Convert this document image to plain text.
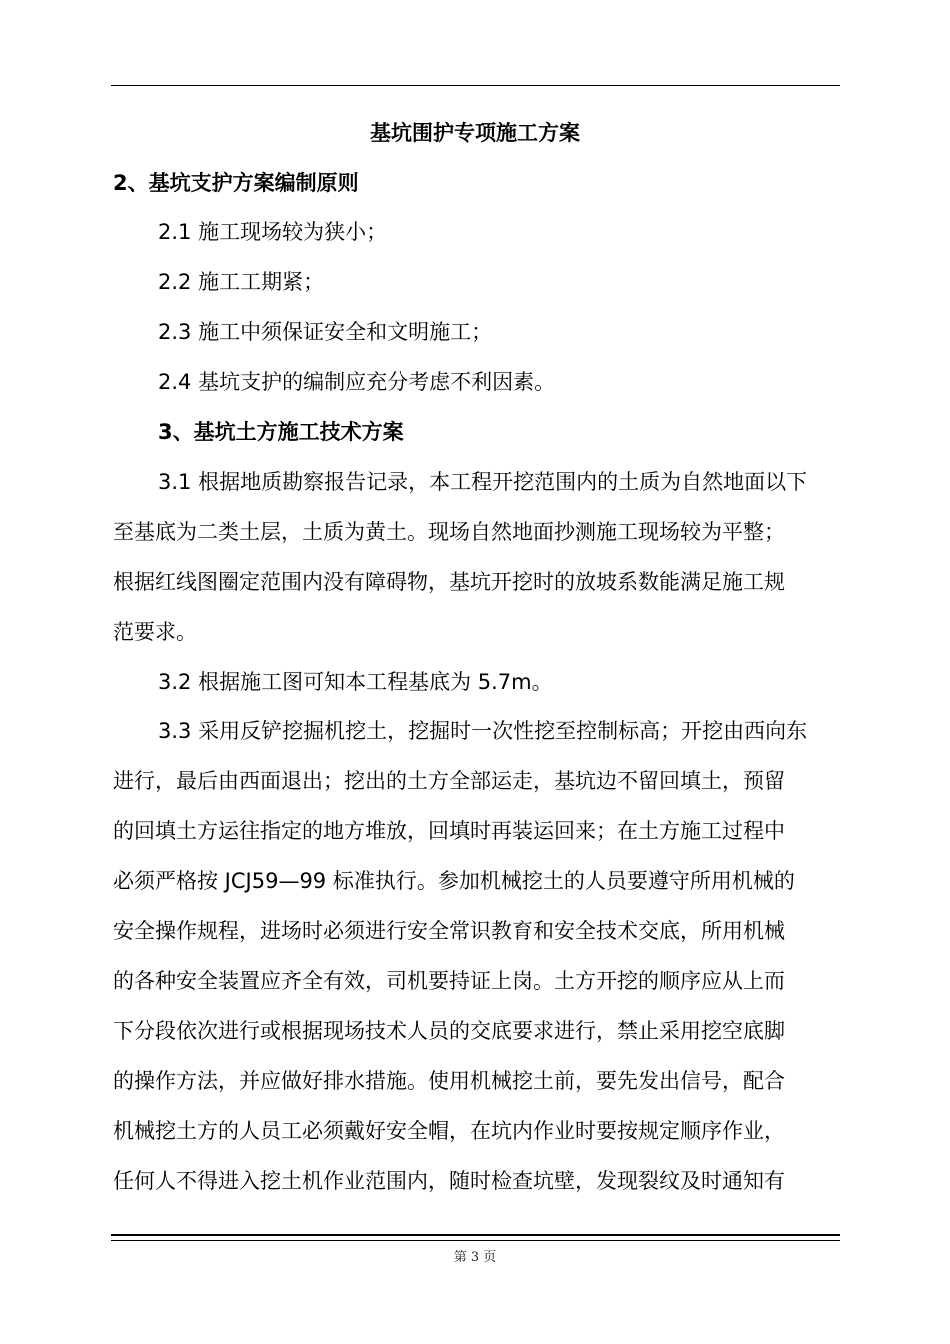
基坑围护专项施工方案
2、基坑支护方案编制原则

2.1 施工现场较为狭小；

2.2 施工工期紧；

2.3 施工中须保证安全和文明施工；

2.4 基坑支护的编制应充分考虑不利因素。

3、基坑土方施工技术方案

3.1 根据地质勘察报告记录，本工程开挖范围内的土质为自然地面以下

至基底为二类土层，土质为黄土。现场自然地面抄测施工现场较为平整；

根据红线图圈定范围内没有障碍物，基坑开挖时的放坡系数能满足施工规

范要求。

3.2 根据施工图可知本工程基底为 5.7m。

3.3 采用反铲挖掘机挖土，挖掘时一次性挖至控制标高；开挖由西向东

进行，最后由西面退出；挖出的土方全部运走，基坑边不留回填土，预留

的回填土方运往指定的地方堆放，回填时再装运回来；在土方施工过程中

必须严格按 JCJ59—99 标准执行。参加机械挖土的人员要遵守所用机械的

安全操作规程，进场时必须进行安全常识教育和安全技术交底，所用机械

的各种安全装置应齐全有效，司机要持证上岗。土方开挖的顺序应从上而

下分段依次进行或根据现场技术人员的交底要求进行，禁止采用挖空底脚

的操作方法，并应做好排水措施。使用机械挖土前，要先发出信号，配合

机械挖土方的人员工必须戴好安全帽，在坑内作业时要按规定顺序作业，

任何人不得进入挖土机作业范围内，随时检查坑壁，发现裂纹及时通知有

第 3 页
